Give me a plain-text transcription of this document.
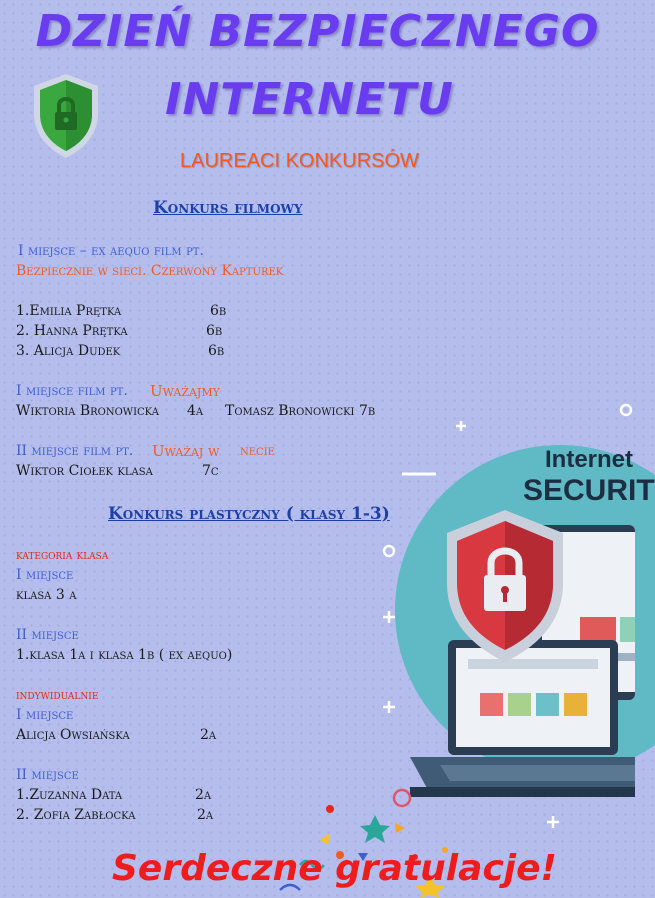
DZIEŃ BEZPIECZNEGO
INTERNETU
LAUREACI KONKURSÓW
Konkurs filmowy
I miejsce – ex aequo film pt.
Bezpiecznie w sieci. Czerwony Kapturek
1.Emilia Prętka	6b
2. Hanna Prętka	6b
3. Alicja Dudek	6b
I miejsce film pt. Uważajmy
Wiktoria Bronowicka 4a Tomasz Bronowicki 7b
II miejsce film pt. Uważaj w necie
Wiktor Ciołek klasa	7c
Konkurs plastyczny ( klasy 1-3)
kategoria klasa
I miejsce
klasa 3 a
II miejsce
1.klasa 1a i klasa 1b ( ex aequo)
indywidualnie
I miejsce
Alicja Owsiańska	2a
II miejsce
1.Zuzanna Data	2a
2. Zofia Zabłocka	2a
Internet
SECURIT
Serdeczne gratulacje!
